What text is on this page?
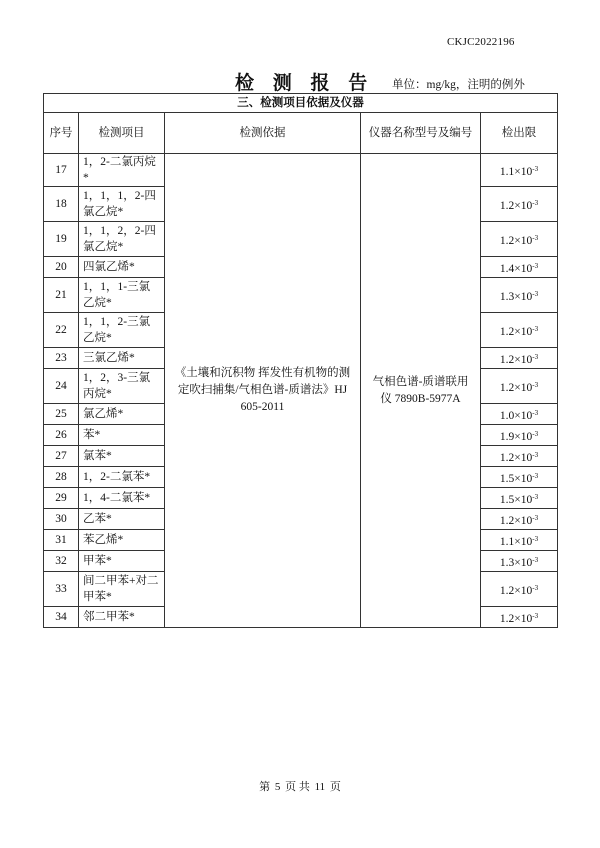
CKJC2022196
检 测 报 告 单位：mg/kg，注明的例外
三、检测项目依据及仪器				
序号	检测项目	检测依据	仪器名称型号及编号	检出限
17	1，2-二氯丙烷*	《土壤和沉积物 挥发性有机物的测定吹扫捕集/气相色谱-质谱法》HJ 605-2011	气相色谱-质谱联用仪 7890B-5977A	$1.1\times 10^{-3}$
18	1，1，1，2-四氯乙烷*			$1.2\times 10^{-3}$
19	1，1，2，2-四氯乙烷*			$1.2\times 10^{-3}$
20	四氯乙烯*			$1.4\times 10^{-3}$
21	1，1，1-三氯乙烷*			$1.3\times 10^{-3}$
22	1，1，2-三氯乙烷*			$1.2\times 10^{-3}$
23	三氯乙烯*			$1.2\times 10^{-3}$
24	1，2，3-三氯丙烷*			$1.2\times 10^{-3}$
25	氯乙烯*			$1.0\times 10^{-3}$
26	苯*			$1.9\times 10^{-3}$
27	氯苯*			$1.2\times 10^{-3}$
28	1，2-二氯苯*			$1.5\times 10^{-3}$
29	1，4-二氯苯*			$1.5\times 10^{-3}$
30	乙苯*			$1.2\times 10^{-3}$
31	苯乙烯*			$1.1\times 10^{-3}$
32	甲苯*			$1.3\times 10^{-3}$
33	间二甲苯+对二甲苯*			$1.2\times 10^{-3}$
34	邻二甲苯*			$1.2\times 10^{-3}$
第 5 页 共 11 页
